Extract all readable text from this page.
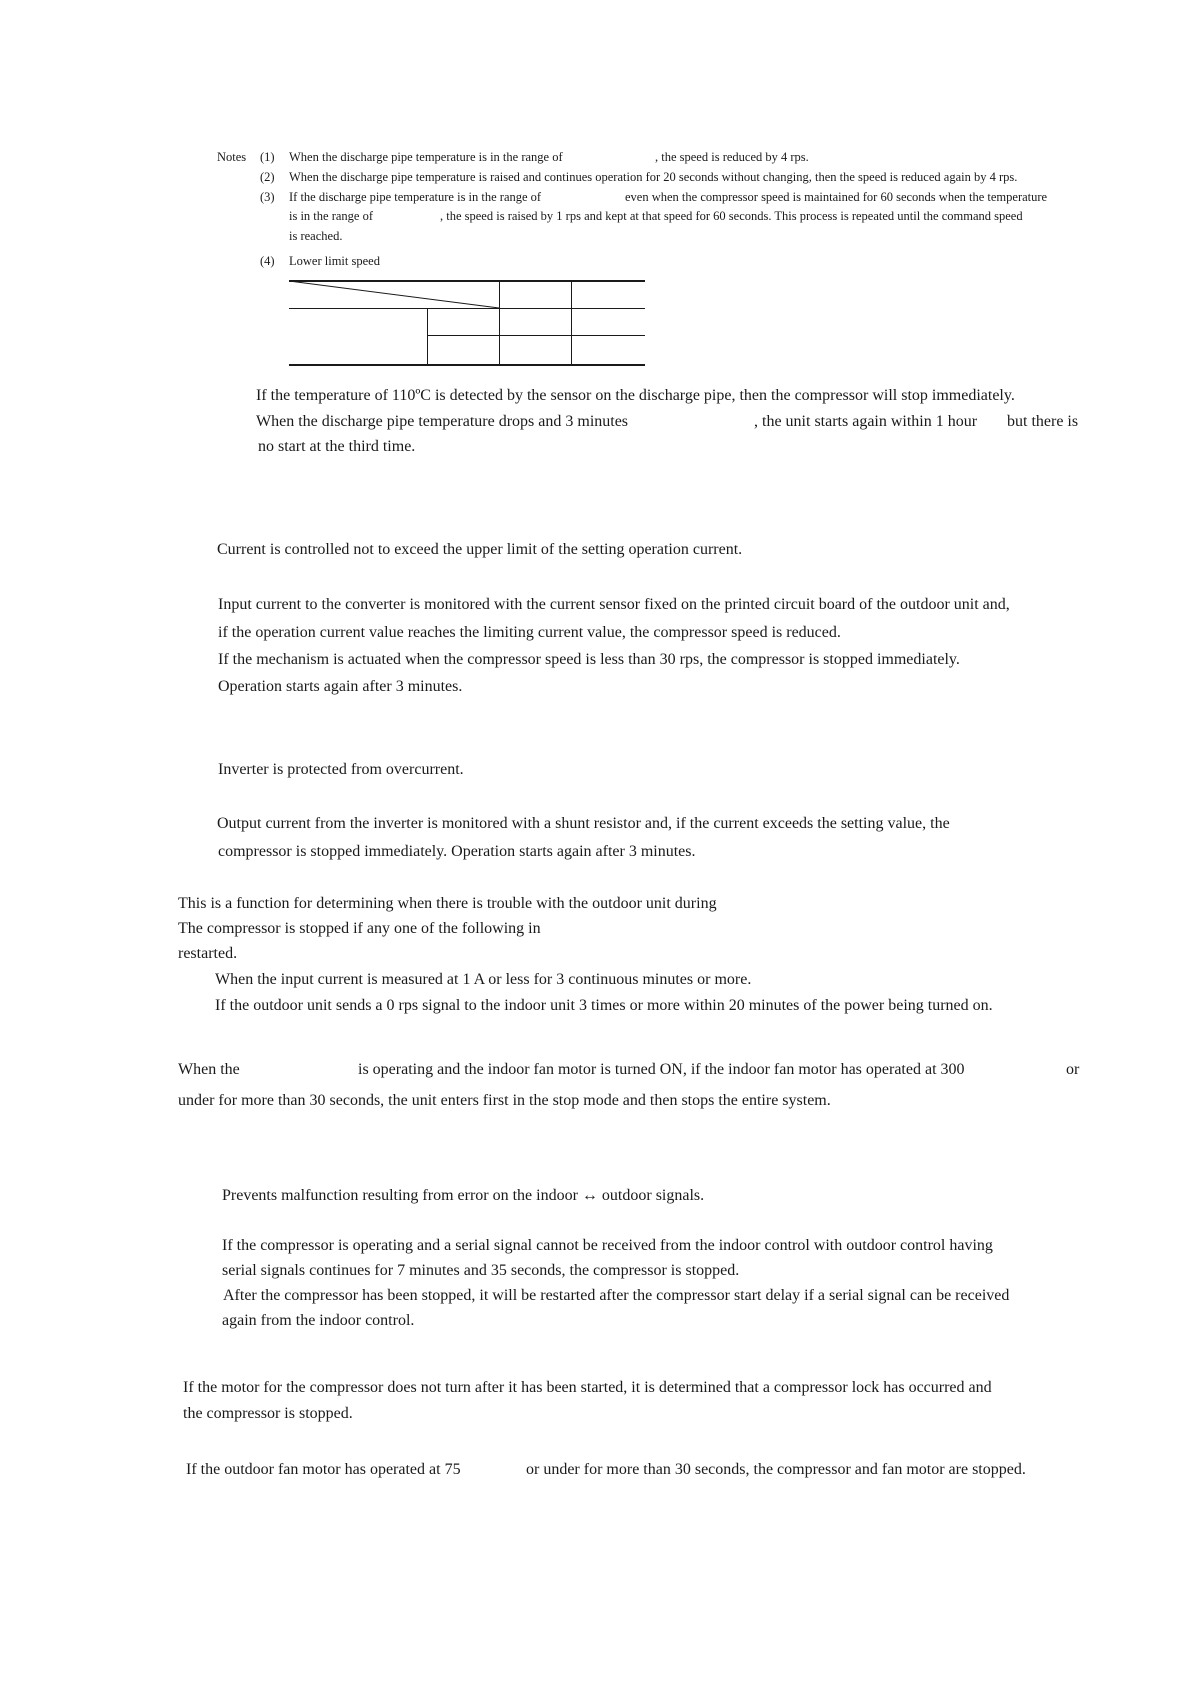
Notes (1) When the discharge pipe temperature is in the range of	, the speed is reduced by 4 rps.
(2) When the discharge pipe temperature is raised and continues operation for 20 seconds without changing, then the speed is reduced again by 4 rps.
(3) If the discharge pipe temperature is in the range of	even when the compressor speed is maintained for 60 seconds when the temperature
is in the range of	, the speed is raised by 1 rps and kept at that speed for 60 seconds. This process is repeated until the command speed
is reached.
(4) Lower limit speed
If the temperature of 110ºC is detected by the sensor on the discharge pipe, then the compressor will stop immediately.
When the discharge pipe temperature drops and 3 minutes	, the unit starts again within 1 hour but there is
no start at the third time.
Current is controlled not to exceed the upper limit of the setting operation current.
Input current to the converter is monitored with the current sensor fixed on the printed circuit board of the outdoor unit and,
if the operation current value reaches the limiting current value, the compressor speed is reduced.
If the mechanism is actuated when the compressor speed is less than 30 rps, the compressor is stopped immediately.
Operation starts again after 3 minutes.
Inverter is protected from overcurrent.
Output current from the inverter is monitored with a shunt resistor and, if the current exceeds the setting value, the
compressor is stopped immediately. Operation starts again after 3 minutes.
This is a function for determining when there is trouble with the outdoor unit during
The compressor is stopped if any one of the following in
restarted.
When the input current is measured at 1 A or less for 3 continuous minutes or more.
If the outdoor unit sends a 0 rps signal to the indoor unit 3 times or more within 20 minutes of the power being turned on.
When the	is operating and the indoor fan motor is turned ON, if the indoor fan motor has operated at 300	or
under for more than 30 seconds, the unit enters first in the stop mode and then stops the entire system.
Prevents malfunction resulting from error on the indoor ↔ outdoor signals.
If the compressor is operating and a serial signal cannot be received from the indoor control with outdoor control having
serial signals continues for 7 minutes and 35 seconds, the compressor is stopped.
After the compressor has been stopped, it will be restarted after the compressor start delay if a serial signal can be received
again from the indoor control.
If the motor for the compressor does not turn after it has been started, it is determined that a compressor lock has occurred and
the compressor is stopped.
If the outdoor fan motor has operated at 75	or under for more than 30 seconds, the compressor and fan motor are stopped.
